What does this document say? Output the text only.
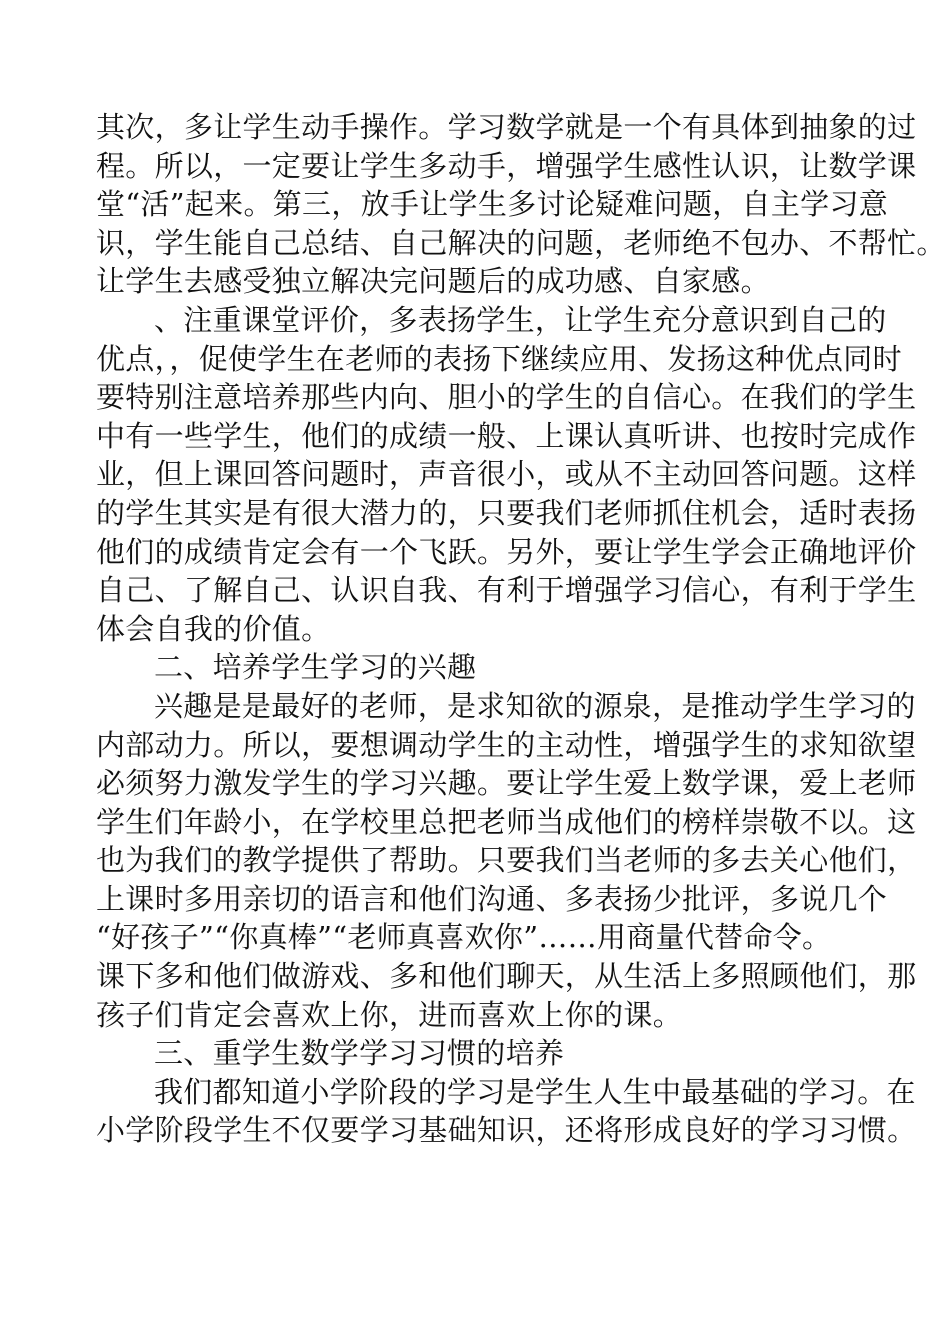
其次，多让学生动手操作。学习数学就是一个有具体到抽象的过
程。所以，一定要让学生多动手，增强学生感性认识，让数学课
堂“活”起来。第三，放手让学生多讨论疑难问题，自主学习意
识，学生能自己总结、自己解决的问题，老师绝不包办、不帮忙。
让学生去感受独立解决完问题后的成功感、自家感。
、注重课堂评价，多表扬学生，让学生充分意识到自己的
优点，，促使学生在老师的表扬下继续应用、发扬这种优点同时
要特别注意培养那些内向、胆小的学生的自信心。在我们的学生
中有一些学生，他们的成绩一般、上课认真听讲、也按时完成作
业，但上课回答问题时，声音很小，或从不主动回答问题。这样
的学生其实是有很大潜力的，只要我们老师抓住机会，适时表扬
他们的成绩肯定会有一个飞跃。另外，要让学生学会正确地评价
自己、了解自己、认识自我、有利于增强学习信心，有利于学生
体会自我的价值。
二、培养学生学习的兴趣
兴趣是是最好的老师，是求知欲的源泉，是推动学生学习的
内部动力。所以，要想调动学生的主动性，增强学生的求知欲望
必须努力激发学生的学习兴趣。要让学生爱上数学课，爱上老师
学生们年龄小，在学校里总把老师当成他们的榜样崇敬不以。这
也为我们的教学提供了帮助。只要我们当老师的多去关心他们，
上课时多用亲切的语言和他们沟通、多表扬少批评，多说几个
“好孩子”“你真棒”“老师真喜欢你”……用商量代替命令。
课下多和他们做游戏、多和他们聊天，从生活上多照顾他们，那
孩子们肯定会喜欢上你，进而喜欢上你的课。
三、重学生数学学习习惯的培养
我们都知道小学阶段的学习是学生人生中最基础的学习。在
小学阶段学生不仅要学习基础知识，还将形成良好的学习习惯。
